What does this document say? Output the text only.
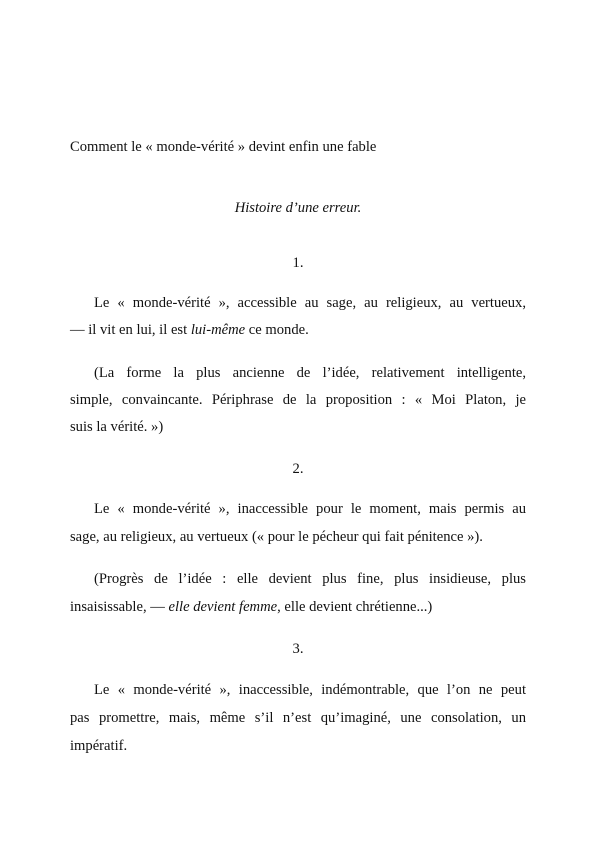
Comment le « monde-vérité » devint enfin une fable
Histoire d’une erreur.
1.
Le « monde-vérité », accessible au sage, au religieux, au vertueux,
— il vit en lui, il est lui-même ce monde.
(La forme la plus ancienne de l’idée, relativement intelligente,
simple, convaincante. Périphrase de la proposition : « Moi Platon, je
suis la vérité. »)
2.
Le « monde-vérité », inaccessible pour le moment, mais permis au
sage, au religieux, au vertueux (« pour le pécheur qui fait pénitence »).
(Progrès de l’idée : elle devient plus fine, plus insidieuse, plus
insaisissable, — elle devient femme, elle devient chrétienne...)
3.
Le « monde-vérité », inaccessible, indémontrable, que l’on ne peut
pas promettre, mais, même s’il n’est qu’imaginé, une consolation, un
impératif.
